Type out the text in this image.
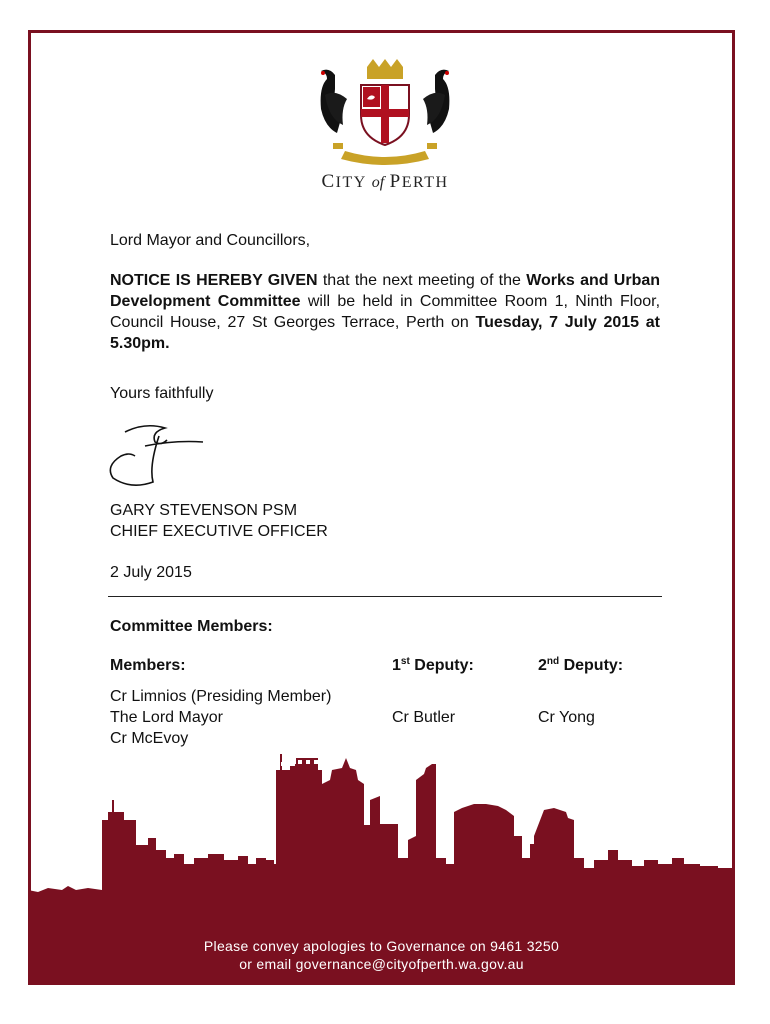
CITY of PERTH
Lord Mayor and Councillors,
NOTICE IS HEREBY GIVEN that the next meeting of the Works and Urban Development Committee will be held in Committee Room 1, Ninth Floor, Council House, 27 St Georges Terrace, Perth on Tuesday, 7 July 2015 at 5.30pm.
Yours faithfully
GARY STEVENSON PSM
CHIEF EXECUTIVE OFFICER
2 July 2015
Committee Members:
Members:
Cr Limnios (Presiding Member)
The Lord Mayor
Cr McEvoy
1st Deputy:

Cr Butler
2nd Deputy:

Cr Yong
Please convey apologies to Governance on 9461 3250
or email governance@cityofperth.wa.gov.au
